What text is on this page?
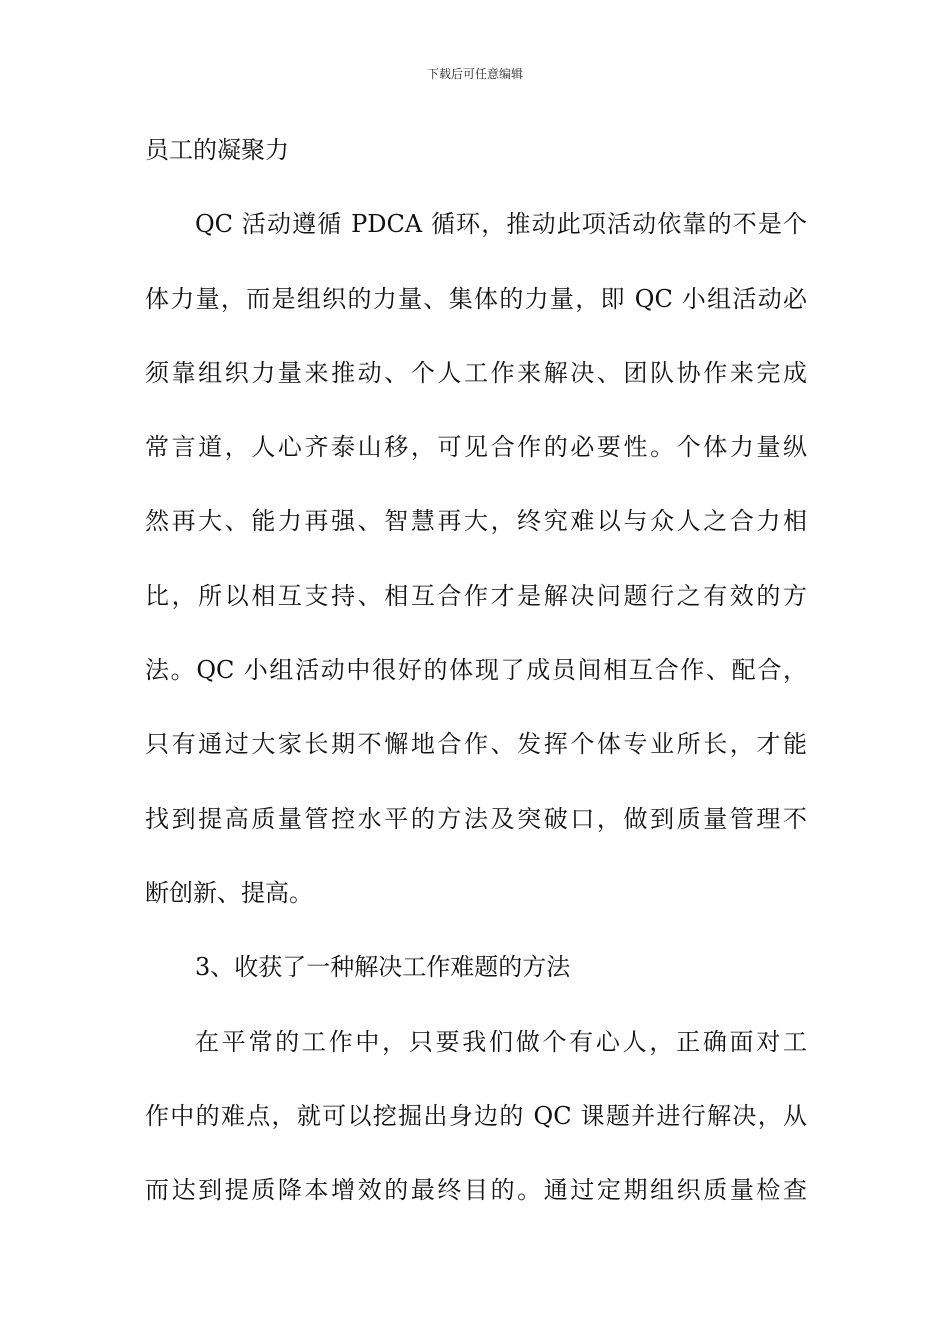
下载后可任意编辑
员工的凝聚力
QC 活动遵循 PDCA 循环，推动此项活动依靠的不是个
体力量，而是组织的力量、集体的力量，即 QC 小组活动必
须靠组织力量来推动、个人工作来解决、团队协作来完成
常言道，人心齐泰山移，可见合作的必要性。个体力量纵
然再大、能力再强、智慧再大，终究难以与众人之合力相
比，所以相互支持、相互合作才是解决问题行之有效的方
法。QC 小组活动中很好的体现了成员间相互合作、配合，
只有通过大家长期不懈地合作、发挥个体专业所长，才能
找到提高质量管控水平的方法及突破口，做到质量管理不
断创新、提高。
3、收获了一种解决工作难题的方法
在平常的工作中，只要我们做个有心人，正确面对工
作中的难点，就可以挖掘出身边的 QC 课题并进行解决，从
而达到提质降本增效的最终目的。通过定期组织质量检查
